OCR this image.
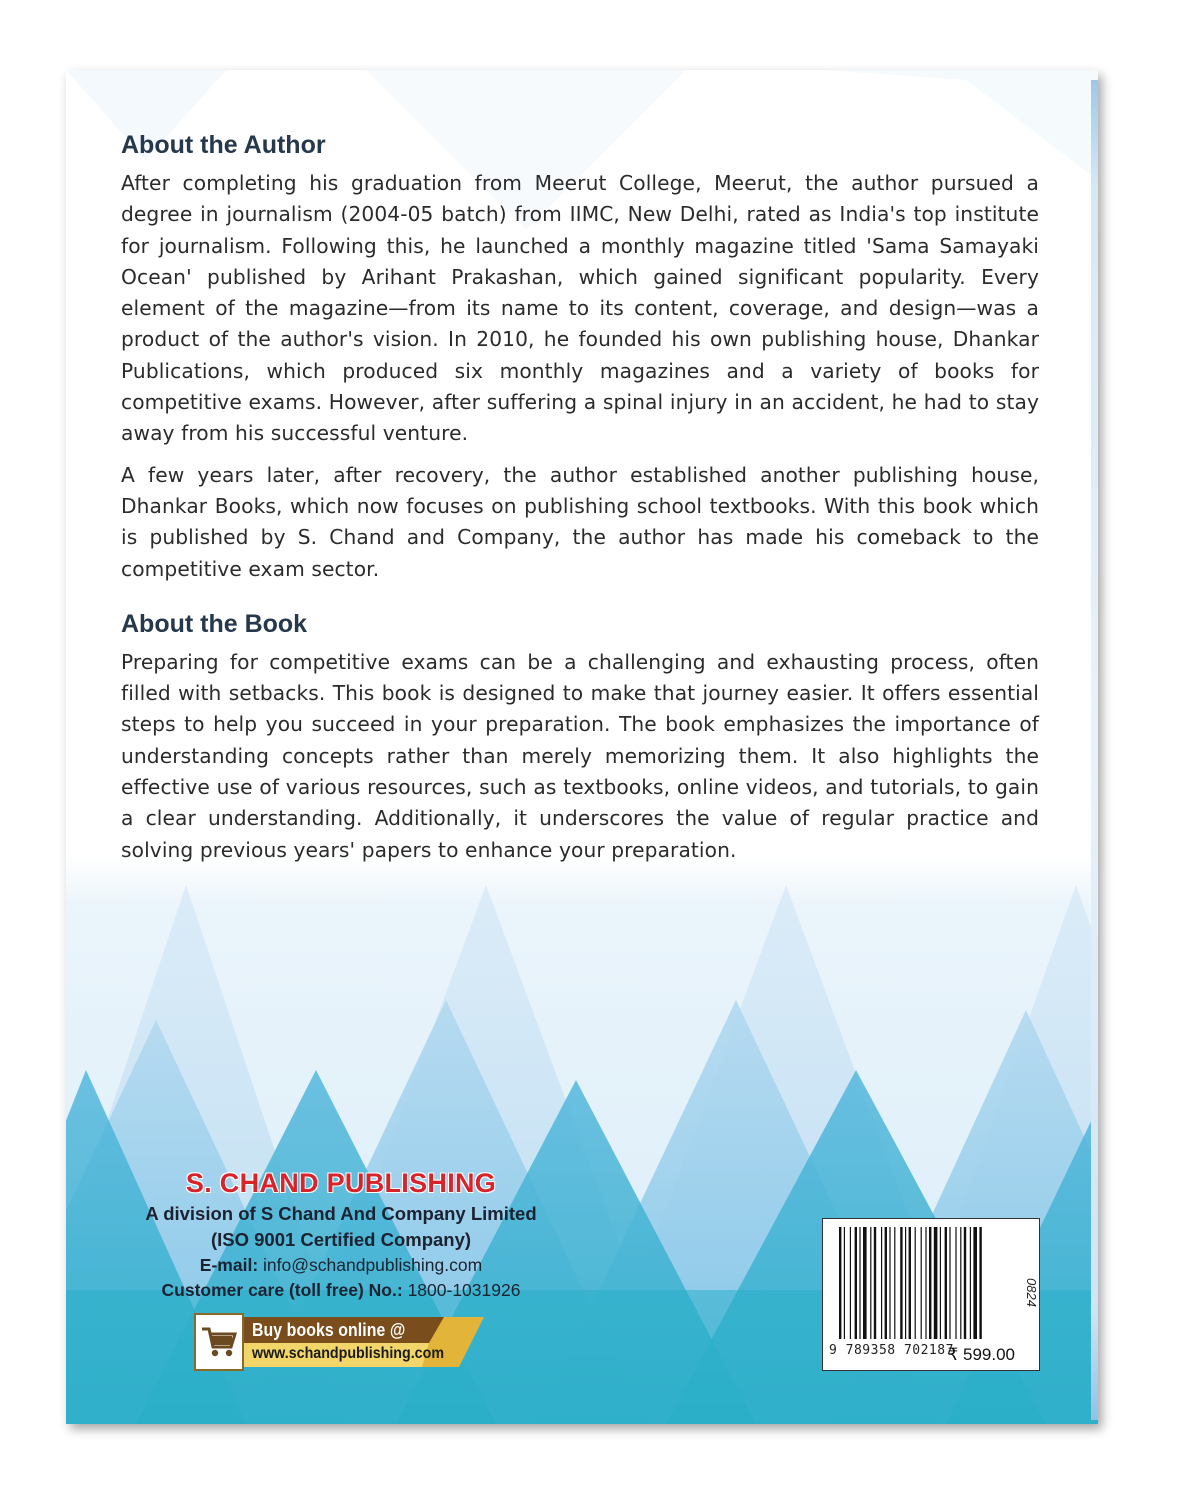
About the Author

After completing his graduation from Meerut College, Meerut, the author pursued a degree in journalism (2004-05 batch) from IIMC, New Delhi, rated as India's top institute for journalism. Following this, he launched a monthly magazine titled 'Sama Samayaki Ocean' published by Arihant Prakashan, which gained significant popularity. Every element of the magazine—from its name to its content, coverage, and design—was a product of the author's vision. In 2010, he founded his own publishing house, Dhankar Publications, which produced six monthly magazines and a variety of books for competitive exams. However, after suffering a spinal injury in an accident, he had to stay away from his successful venture.

A few years later, after recovery, the author established another publishing house, Dhankar Books, which now focuses on publishing school textbooks. With this book which is published by S. Chand and Company, the author has made his comeback to the competitive exam sector.

About the Book

Preparing for competitive exams can be a challenging and exhausting process, often filled with setbacks. This book is designed to make that journey easier. It offers essential steps to help you succeed in your preparation. The book emphasizes the importance of understanding concepts rather than merely memorizing them. It also highlights the effective use of various resources, such as textbooks, online videos, and tutorials, to gain a clear understanding. Additionally, it underscores the value of regular practice and solving previous years' papers to enhance your preparation.

S. CHAND PUBLISHING
A division of S Chand And Company Limited
(ISO 9001 Certified Company)
E-mail: info@schandpublishing.com
Customer care (toll free) No.: 1800-1031926
Buy books online @
www.schandpublishing.com	9 789358 702187
0824
₹ 599.00
